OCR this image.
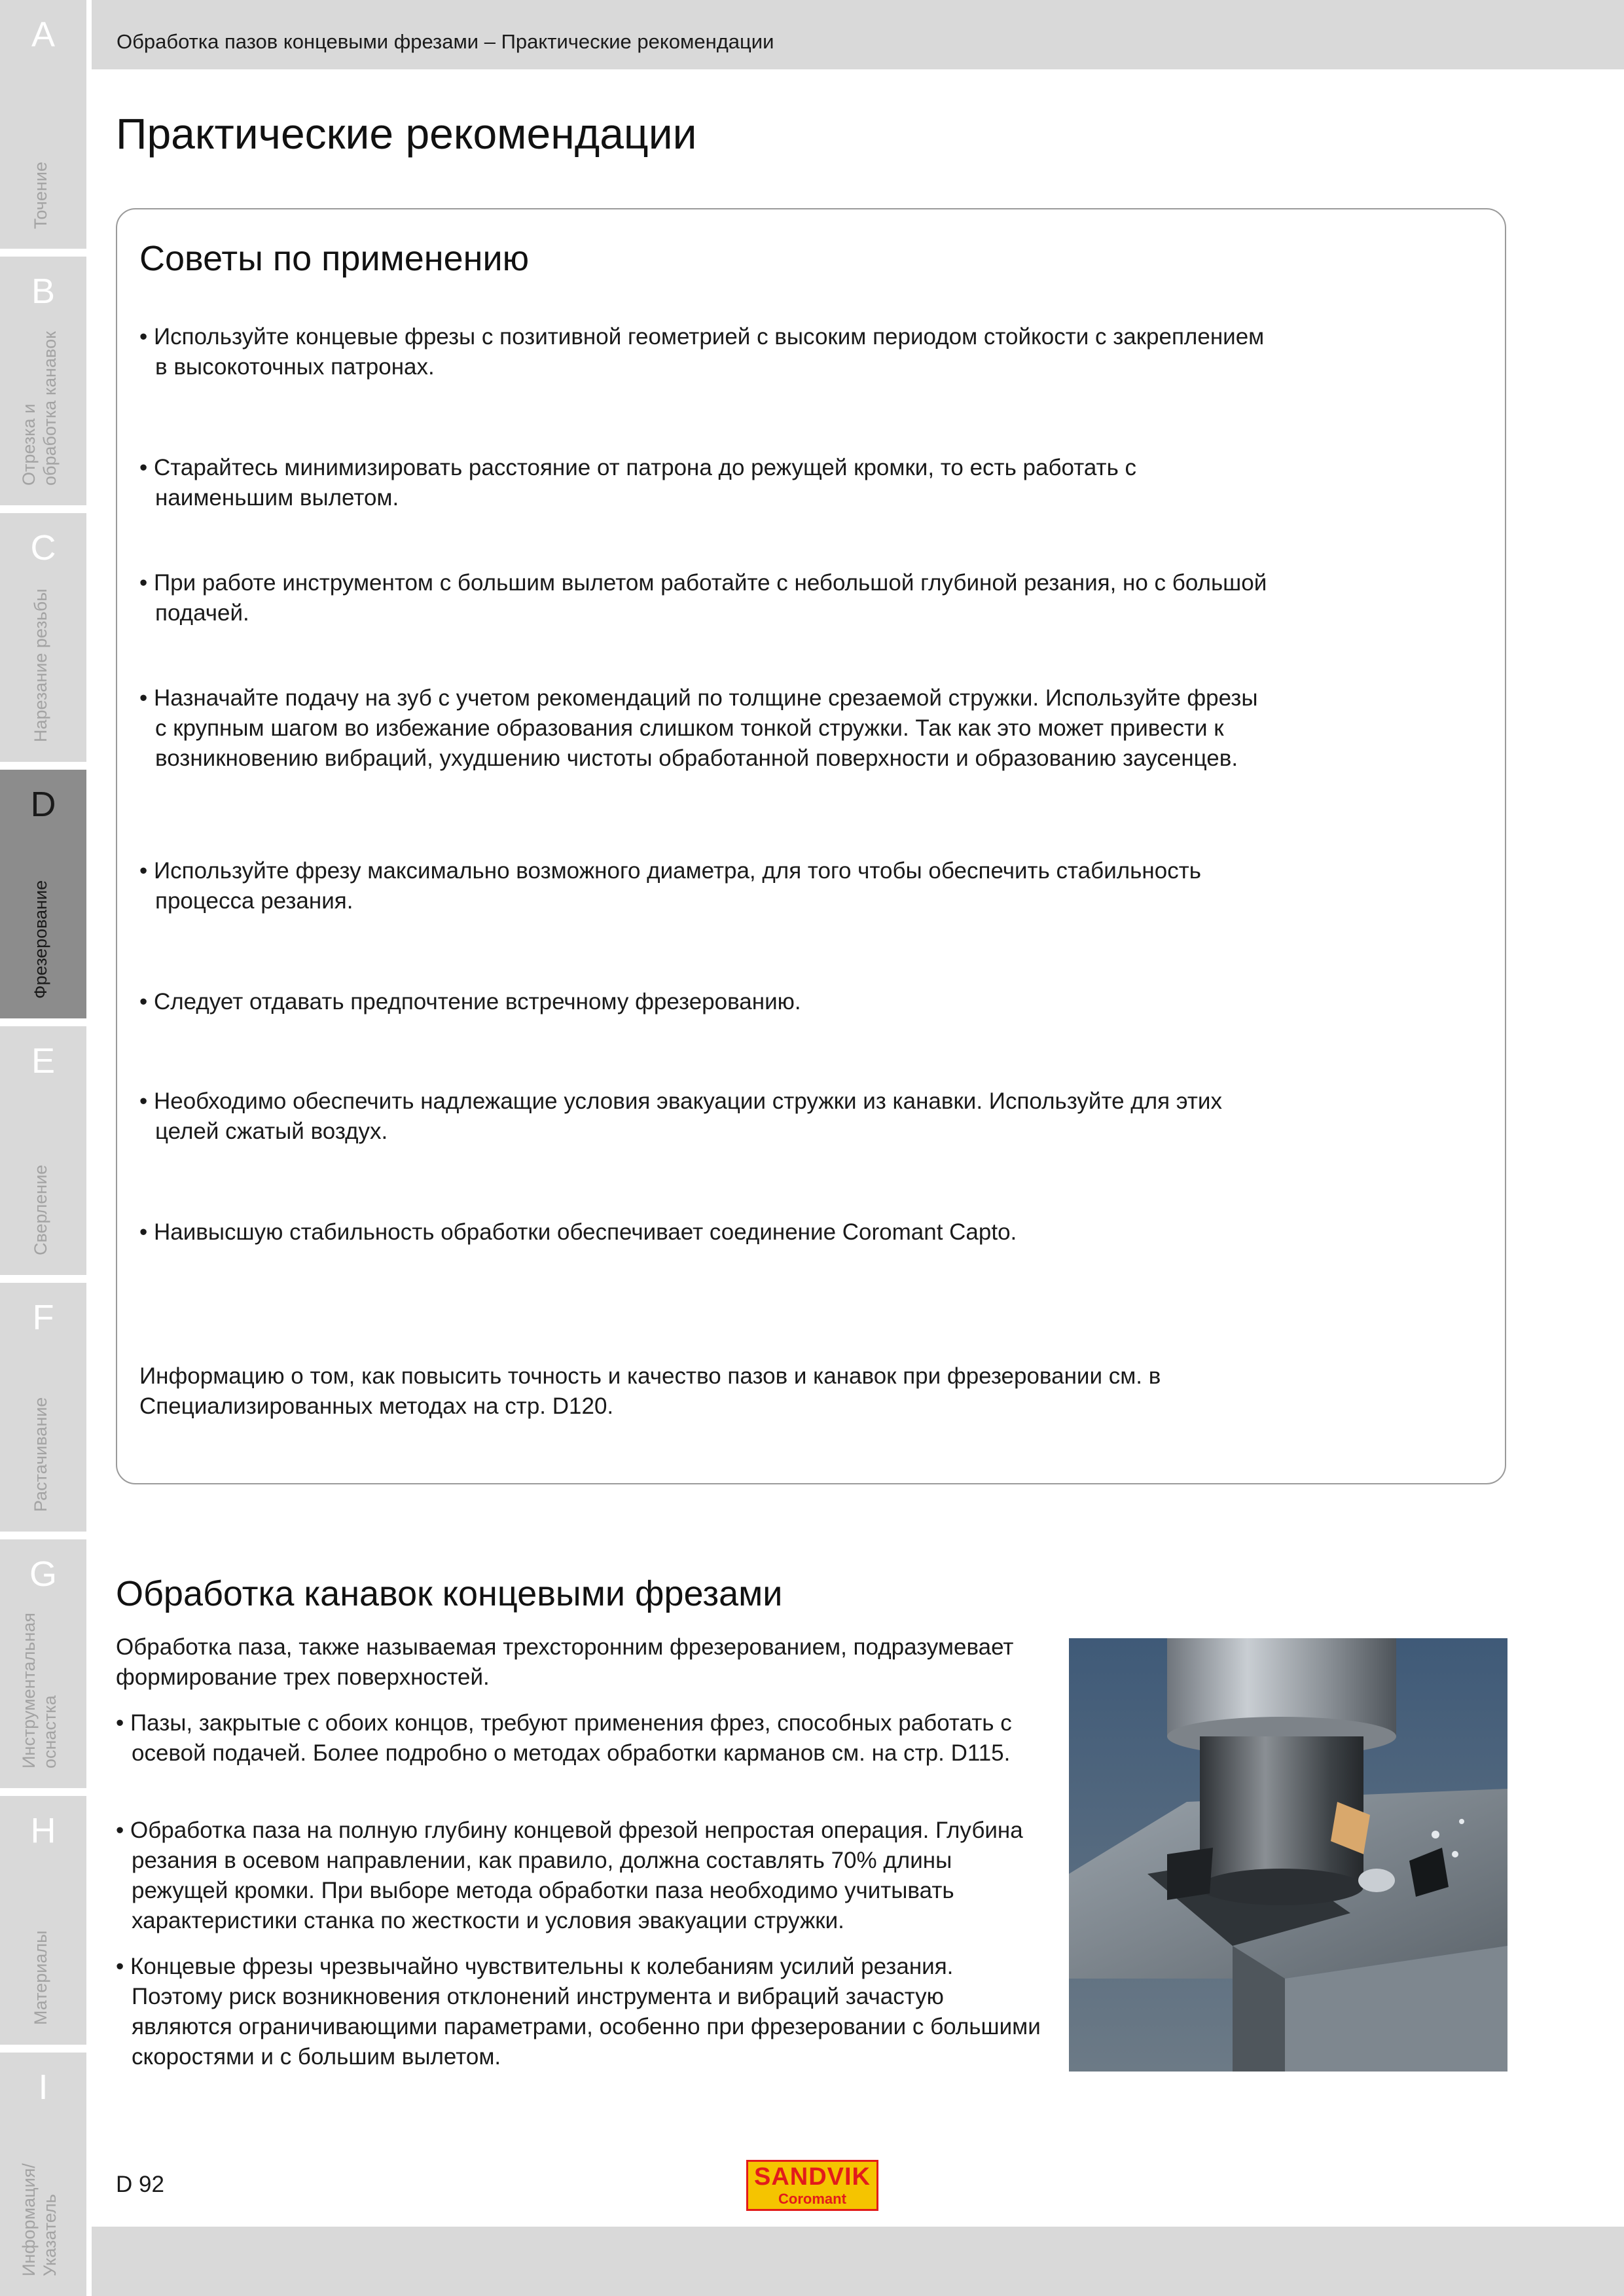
A
Точение
B
Отрезка и обработка канавок
C
Нарезание резьбы
D
Фрезерование
E
Сверление
F
Растачивание
G
Инструментальная оснастка
H
Материалы
I
Информация/ Указатель
Обработка пазов концевыми фрезами – Практические рекомендации
Практические рекомендации
Советы по применению
• Используйте концевые фрезы с позитивной геометрией с высоким периодом стойкости с закреплением в высокоточных патронах.
• Старайтесь минимизировать расстояние от патрона до режущей кромки, то есть работать с наименьшим вылетом.
• При работе инструментом с большим вылетом работайте с небольшой глубиной резания, но с большой подачей.
• Назначайте подачу на зуб с учетом рекомендаций по толщине срезаемой стружки. Используйте фрезы с крупным шагом во избежание образования слишком тонкой стружки. Так как это может привести к возникновению вибраций, ухудшению чистоты обработанной поверхности и образованию заусенцев.
• Используйте фрезу максимально возможного диаметра, для того чтобы обеспечить стабильность процесса резания.
• Следует отдавать предпочтение встречному фрезерованию.
• Необходимо обеспечить надлежащие условия эвакуации стружки из канавки. Используйте для этих целей сжатый воздух.
• Наивысшую стабильность обработки обеспечивает соединение Coromant Capto.
Информацию о том, как повысить точность и качество пазов и канавок при фрезеровании см. в Специализированных методах на стр. D120.
Обработка канавок концевыми фрезами
Обработка паза, также называемая трехсторонним фрезерованием, подразумевает формирование трех поверхностей.
• Пазы, закрытые с обоих концов, требуют применения фрез, способных работать с осевой подачей. Более подробно о методах обработки карманов см. на стр. D115.
• Обработка паза на полную глубину концевой фрезой непростая операция. Глубина резания в осевом направлении, как правило, должна составлять 70% длины режущей кромки. При выборе метода обработки паза необходимо учитывать характеристики станка по жесткости и условия эвакуации стружки.
• Концевые фрезы чрезвычайно чувствительны к колебаниям усилий резания. Поэтому риск возникновения отклонений инструмента и вибраций зачастую являются ограничивающими параметрами, особенно при фрезеровании с большими скоростями и с большим вылетом.
D 92	SANDVIK
Coromant
